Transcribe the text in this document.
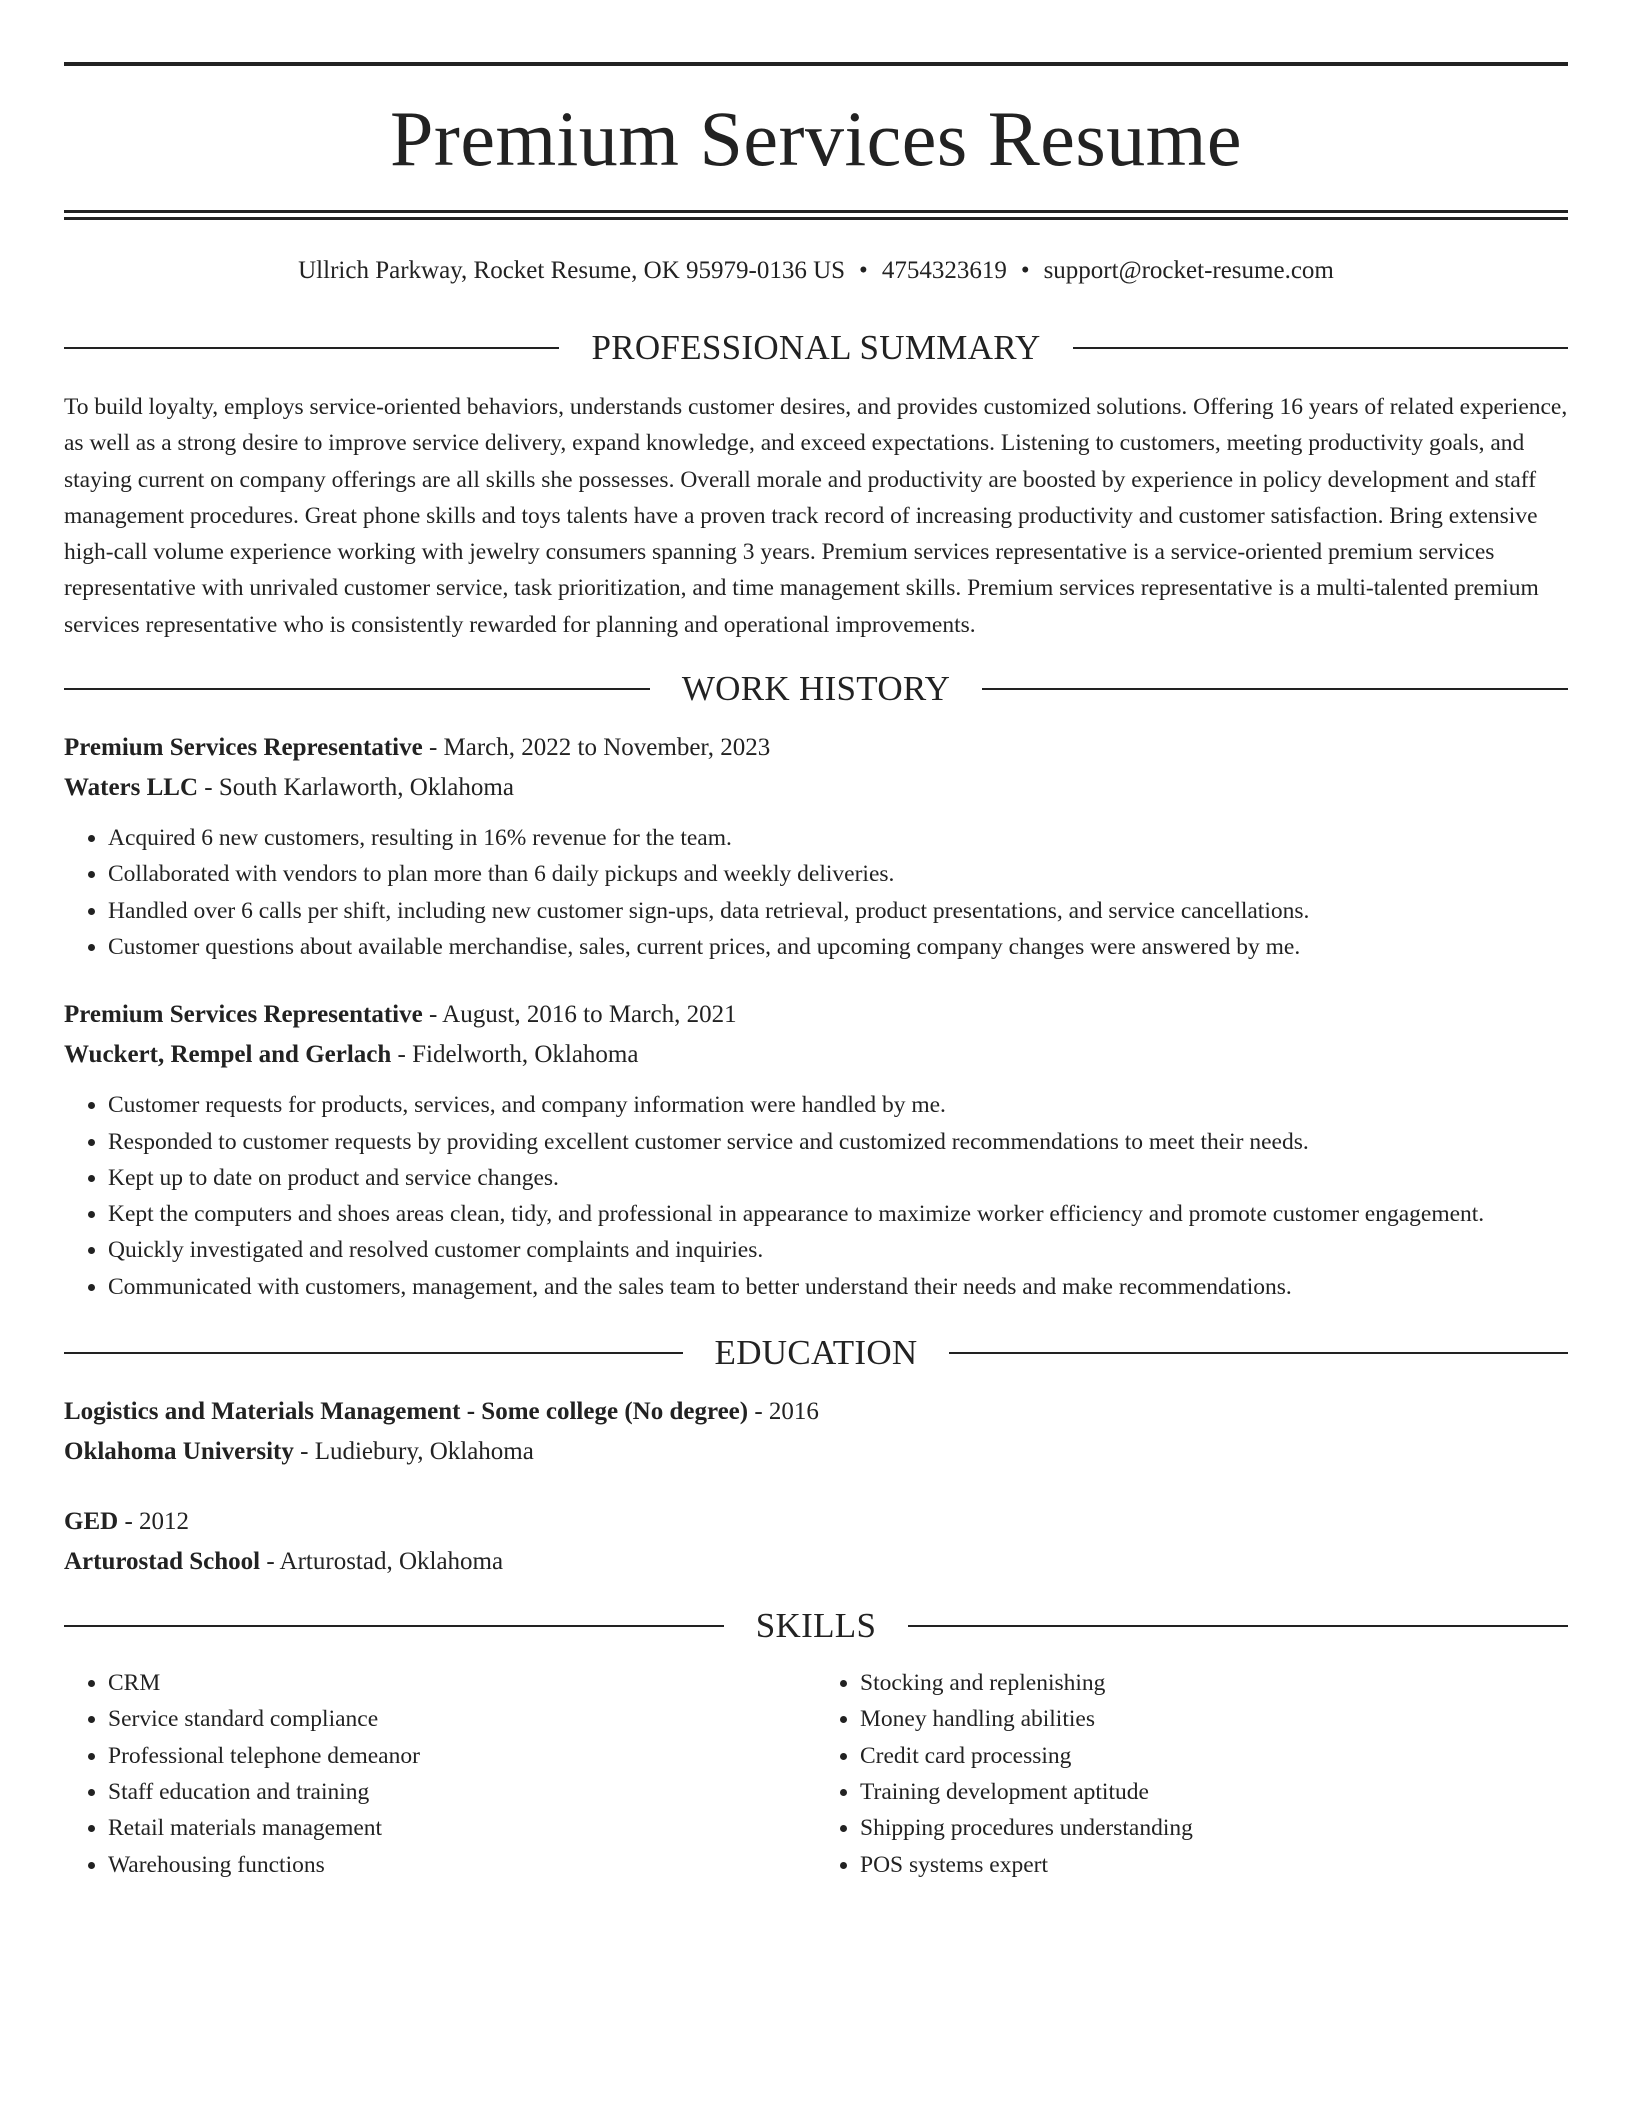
Premium Services Resume
Ullrich Parkway, Rocket Resume, OK 95979-0136 US • 4754323619 • support@rocket-resume.com
PROFESSIONAL SUMMARY

To build loyalty, employs service-oriented behaviors, understands customer desires, and provides customized solutions. Offering 16 years of related experience, as well as a strong desire to improve service delivery, expand knowledge, and exceed expectations. Listening to customers, meeting productivity goals, and staying current on company offerings are all skills she possesses. Overall morale and productivity are boosted by experience in policy development and staff management procedures. Great phone skills and toys talents have a proven track record of increasing productivity and customer satisfaction. Bring extensive high-call volume experience working with jewelry consumers spanning 3 years. Premium services representative is a service-oriented premium services representative with unrivaled customer service, task prioritization, and time management skills. Premium services representative is a multi-talented premium services representative who is consistently rewarded for planning and operational improvements.

WORK HISTORY
Premium Services Representative - March, 2022 to November, 2023
Waters LLC - South Karlaworth, Oklahoma
• Acquired 6 new customers, resulting in 16% revenue for the team.
• Collaborated with vendors to plan more than 6 daily pickups and weekly deliveries.
• Handled over 6 calls per shift, including new customer sign-ups, data retrieval, product presentations, and service cancellations.
• Customer questions about available merchandise, sales, current prices, and upcoming company changes were answered by me.
Premium Services Representative - August, 2016 to March, 2021
Wuckert, Rempel and Gerlach - Fidelworth, Oklahoma
• Customer requests for products, services, and company information were handled by me.
• Responded to customer requests by providing excellent customer service and customized recommendations to meet their needs.
• Kept up to date on product and service changes.
• Kept the computers and shoes areas clean, tidy, and professional in appearance to maximize worker efficiency and promote customer engagement.
• Quickly investigated and resolved customer complaints and inquiries.
• Communicated with customers, management, and the sales team to better understand their needs and make recommendations.
EDUCATION
Logistics and Materials Management - Some college (No degree) - 2016
Oklahoma University - Ludiebury, Oklahoma
GED - 2012
Arturostad School - Arturostad, Oklahoma
SKILLS
• CRM
• Service standard compliance
• Professional telephone demeanor
• Staff education and training
• Retail materials management
• Warehousing functions
• Stocking and replenishing
• Money handling abilities
• Credit card processing
• Training development aptitude
• Shipping procedures understanding
• POS systems expert
